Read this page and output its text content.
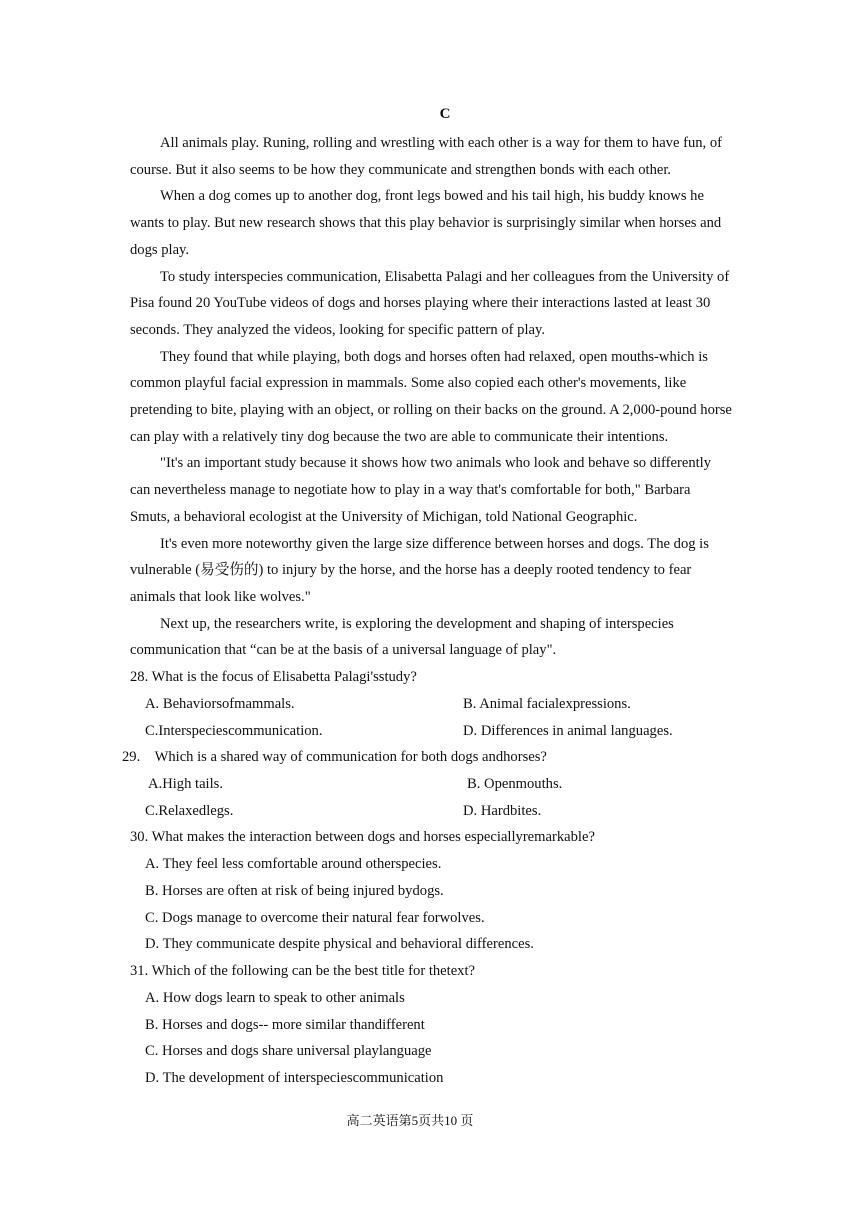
C

All animals play. Runing, rolling and wrestling with each other is a way for them to have fun, of course. But it also seems to be how they communicate and strengthen bonds with each other.

When a dog comes up to another dog, front legs bowed and his tail high, his buddy knows he wants to play. But new research shows that this play behavior is surprisingly similar when horses and dogs play.

To study interspecies communication, Elisabetta Palagi and her colleagues from the University of Pisa found 20 YouTube videos of dogs and horses playing where their interactions lasted at least 30 seconds. They analyzed the videos, looking for specific pattern of play.

They found that while playing, both dogs and horses often had relaxed, open mouths-which is common playful facial expression in mammals. Some also copied each other's movements, like pretending to bite, playing with an object, or rolling on their backs on the ground. A 2,000-pound horse can play with a relatively tiny dog because the two are able to communicate their intentions.

"It's an important study because it shows how two animals who look and behave so differently can nevertheless manage to negotiate how to play in a way that's comfortable for both," Barbara Smuts, a behavioral ecologist at the University of Michigan, told National Geographic.

It's even more noteworthy given the large size difference between horses and dogs. The dog is vulnerable (易受伤的) to injury by the horse, and the horse has a deeply rooted tendency to fear animals that look like wolves."

Next up, the researchers write, is exploring the development and shaping of interspecies communication that “can be at the basis of a universal language of play".

28. What is the focus of Elisabetta Palagi'sstudy?
A. Behaviorsofmammals.	B. Animal facialexpressions.
C.Interspeciescommunication.	D. Differences in animal languages.
29.    Which is a shared way of communication for both dogs andhorses?
A.High tails.	B. Openmouths.
C.Relaxedlegs.	D. Hardbites.
30. What makes the interaction between dogs and horses especiallyremarkable?
A. They feel less comfortable around otherspecies.
B. Horses are often at risk of being injured bydogs.
C. Dogs manage to overcome their natural fear forwolves.
D. They communicate despite physical and behavioral differences.
31. Which of the following can be the best title for thetext?
A. How dogs learn to speak to other animals
B. Horses and dogs-- more similar thandifferent
C. Horses and dogs share universal playlanguage
D. The development of interspeciescommunication
高二英语第5页共10 页
